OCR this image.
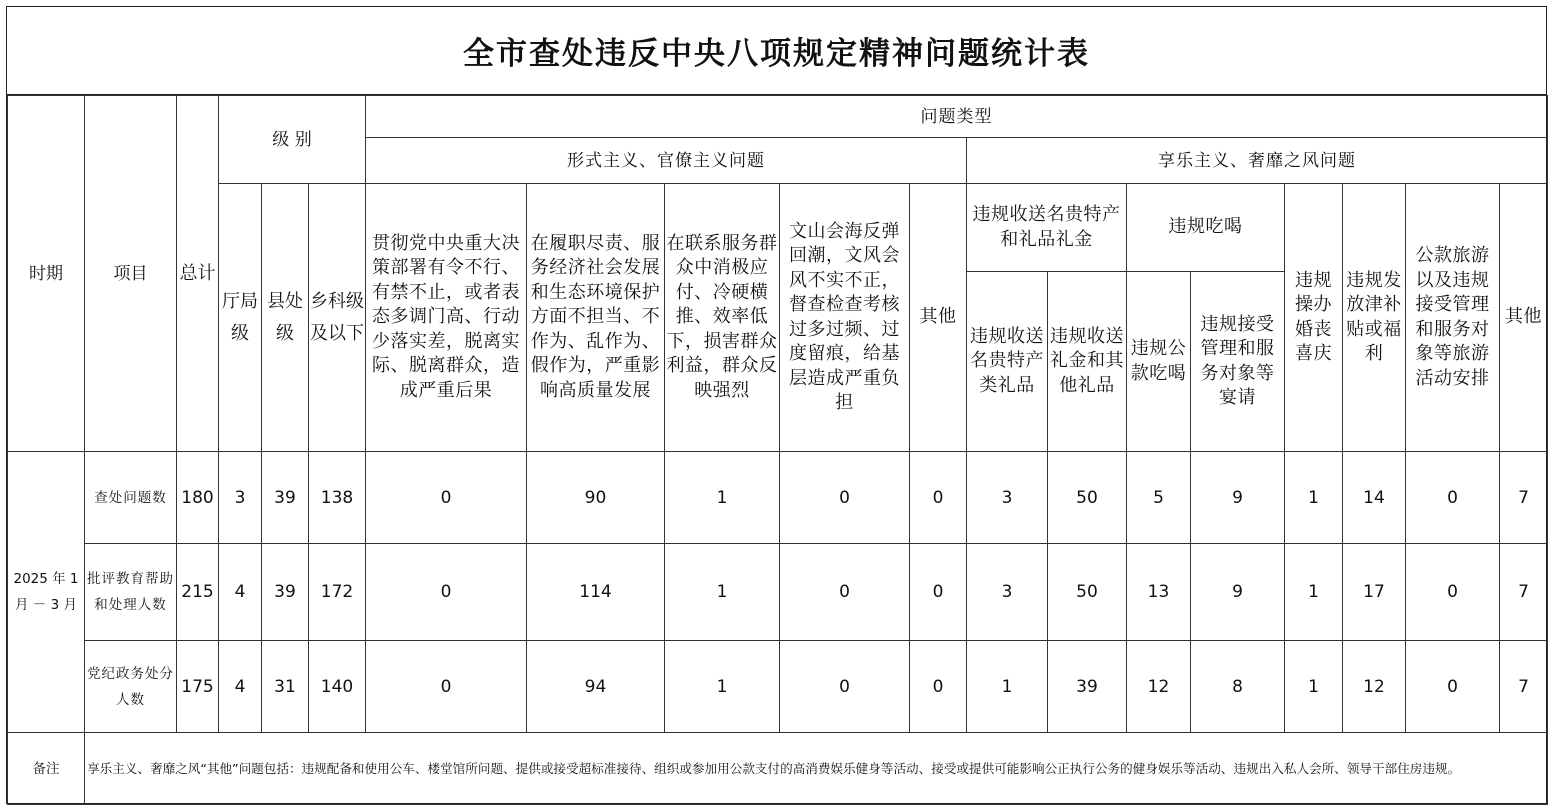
全市查处违反中央八项规定精神问题统计表
时期	项目	总计	级 别			问题类型												
						形式主义、官僚主义问题					享乐主义、奢靡之风问题							
			厅局级	县处级	乡科级及以下	贯彻党中央重大决策部署有令不行、有禁不止，或者表态多调门高、行动少落实差，脱离实际、脱离群众，造成严重后果	在履职尽责、服务经济社会发展和生态环境保护方面不担当、不作为、乱作为、假作为，严重影响高质量发展	在联系服务群众中消极应付、冷硬横推、效率低下，损害群众利益，群众反映强烈	文山会海反弹回潮，文风会风不实不正，督查检查考核过多过频、过度留痕，给基层造成严重负担	其他	违规收送名贵特产和礼品礼金		违规吃喝		违规操办婚丧喜庆	违规发放津补贴或福利	公款旅游以及违规接受管理和服务对象等旅游活动安排	其他
											违规收送名贵特产类礼品	违规收送礼金和其他礼品	违规公款吃喝	违规接受管理和服务对象等宴请				
2025 年 1 月 － 3 月	查处问题数	180	3	39	138	0	90	1	0	0	3	50	5	9	1	14	0	7
	批评教育帮助和处理人数	215	4	39	172	0	114	1	0	0	3	50	13	9	1	17	0	7
	党纪政务处分人数	175	4	31	140	0	94	1	0	0	1	39	12	8	1	12	0	7
备注	享乐主义、奢靡之风“其他”问题包括：违规配备和使用公车、楼堂馆所问题、提供或接受超标准接待、组织或参加用公款支付的高消费娱乐健身等活动、接受或提供可能影响公正执行公务的健身娱乐等活动、违规出入私人会所、领导干部住房违规。																	
